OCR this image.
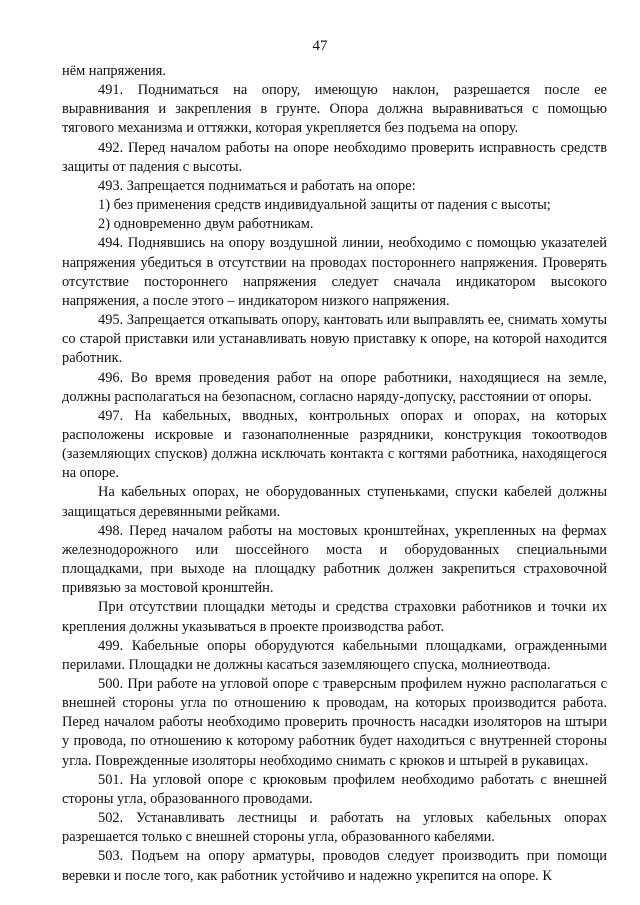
47

нём напряжения.

491. Подниматься на опору, имеющую наклон, разрешается после ее выравнивания и закрепления в грунте. Опора должна выравниваться с помощью тягового механизма и оттяжки, которая укрепляется без подъема на опору.

492. Перед началом работы на опоре необходимо проверить исправность средств защиты от падения с высоты.

493. Запрещается подниматься и работать на опоре:

1) без применения средств индивидуальной защиты от падения с высоты;

2) одновременно двум работникам.

494. Поднявшись на опору воздушной линии, необходимо с помощью указателей напряжения убедиться в отсутствии на проводах постороннего напряжения. Проверять отсутствие постороннего напряжения следует сначала индикатором высокого напряжения, а после этого – индикатором низкого напряжения.

495. Запрещается откапывать опору, кантовать или выправлять ее, снимать хомуты со старой приставки или устанавливать новую приставку к опоре, на которой находится работник.

496. Во время проведения работ на опоре работники, находящиеся на земле, должны располагаться на безопасном, согласно наряду-допуску, расстоянии от опоры.

497. На кабельных, вводных, контрольных опорах и опорах, на которых расположены искровые и газонаполненные разрядники, конструкция токоотводов (заземляющих спусков) должна исключать контакта с когтями работника, находящегося на опоре.

На кабельных опорах, не оборудованных ступеньками, спуски кабелей должны защищаться деревянными рейками.

498. Перед началом работы на мостовых кронштейнах, укрепленных на фермах железнодорожного или шоссейного моста и оборудованных специальными площадками, при выходе на площадку работник должен закрепиться страховочной привязью за мостовой кронштейн.

При отсутствии площадки методы и средства страховки работников и точки их крепления должны указываться в проекте производства работ.

499. Кабельные опоры оборудуются кабельными площадками, огражденными перилами. Площадки не должны касаться заземляющего спуска, молниеотвода.

500. При работе на угловой опоре с траверсным профилем нужно располагаться с внешней стороны угла по отношению к проводам, на которых производится работа. Перед началом работы необходимо проверить прочность насадки изоляторов на штыри у провода, по отношению к которому работник будет находиться с внутренней стороны угла. Поврежденные изоляторы необходимо снимать с крюков и штырей в рукавицах.

501. На угловой опоре с крюковым профилем необходимо работать с внешней стороны угла, образованного проводами.

502. Устанавливать лестницы и работать на угловых кабельных опорах разрешается только с внешней стороны угла, образованного кабелями.

503. Подъем на опору арматуры, проводов следует производить при помощи веревки и после того, как работник устойчиво и надежно укрепится на опоре. К
